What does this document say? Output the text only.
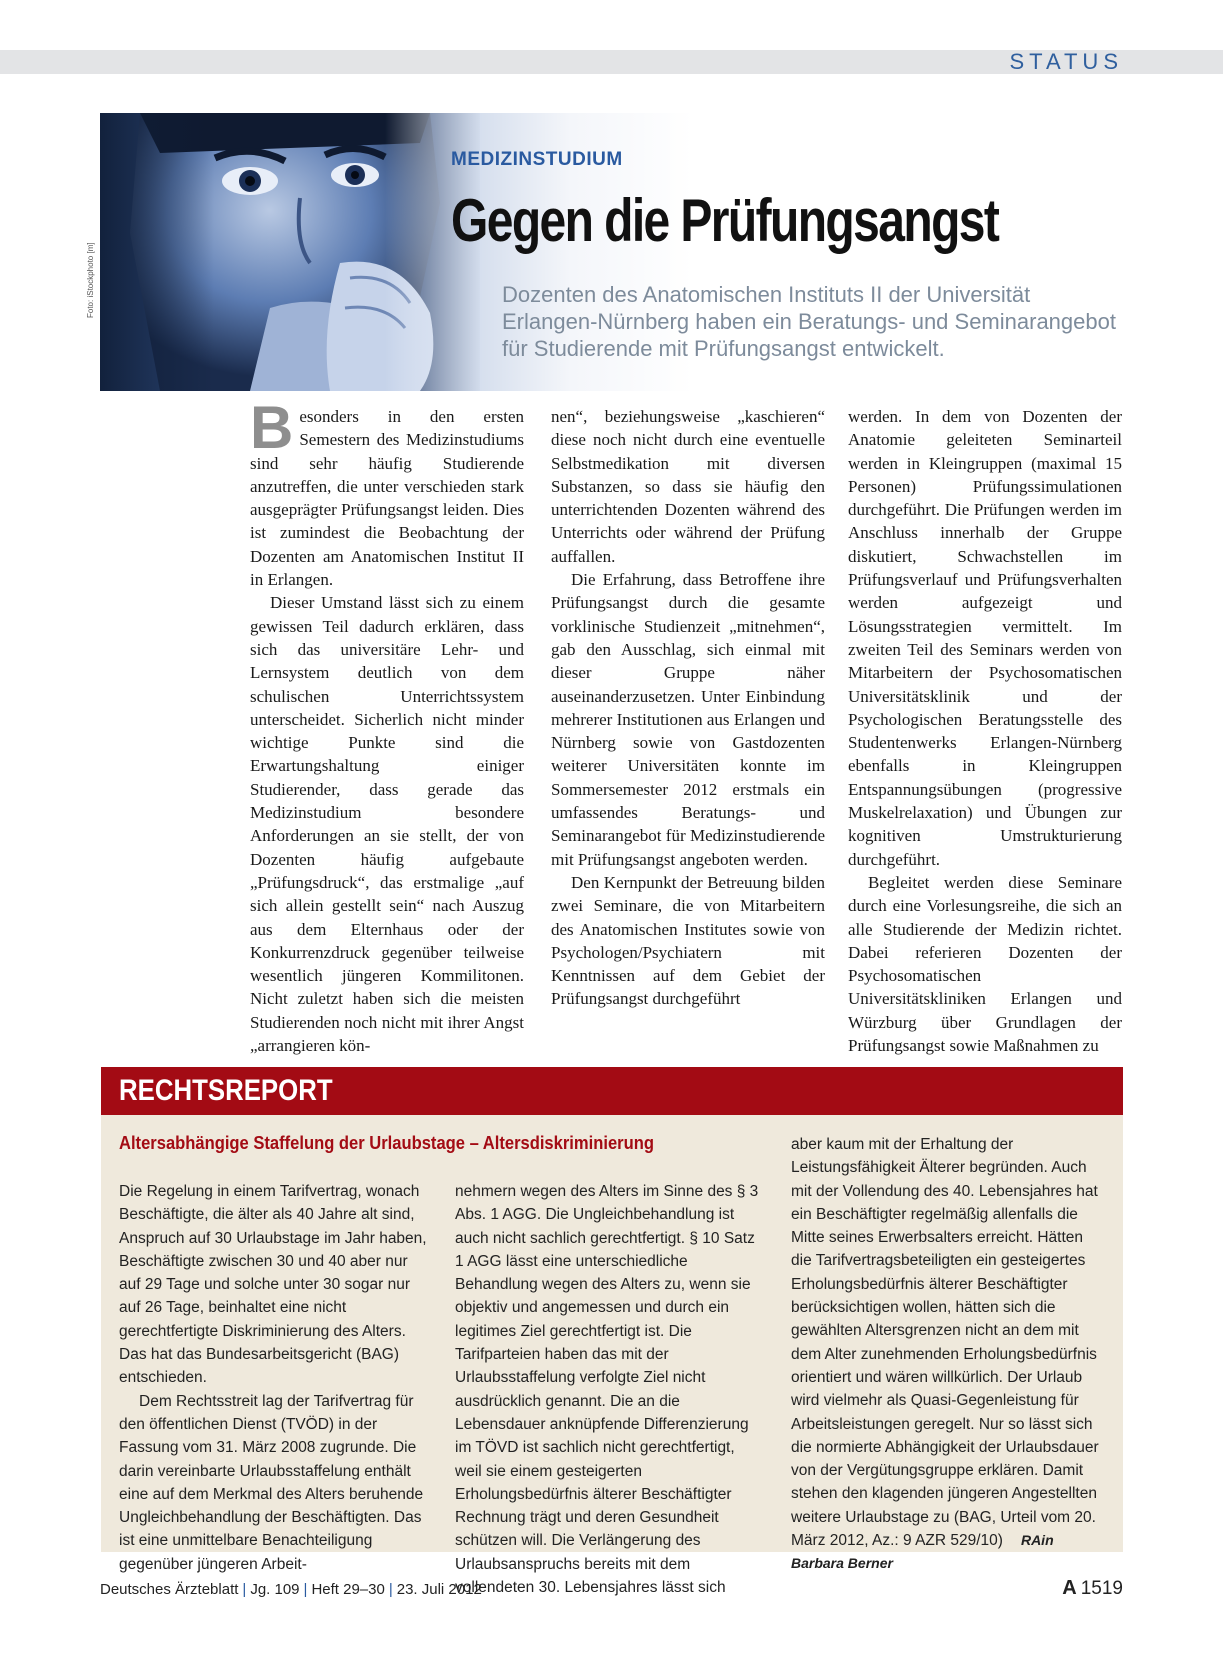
STATUS
Foto: iStockphoto [m]
MEDIZINSTUDIUM
Gegen die Prüfungsangst

Dozenten des Anatomischen Instituts II der Universität Erlangen-Nürnberg haben ein Beratungs- und Seminarangebot für Studierende mit Prüfungsangst entwickelt.

Besonders in den ersten Semestern des Medizinstudiums sind sehr häufig Studierende anzutreffen, die unter verschieden stark ausgeprägter Prüfungsangst leiden. Dies ist zumindest die Beobachtung der Dozenten am Anatomischen Institut II in Erlangen.

Dieser Umstand lässt sich zu einem gewissen Teil dadurch erklären, dass sich das universitäre Lehr- und Lernsystem deutlich von dem schulischen Unterrichtssystem unterscheidet. Sicherlich nicht minder wichtige Punkte sind die Erwartungshaltung einiger Studierender, dass gerade das Medizinstudium besondere Anforderungen an sie stellt, der von Dozenten häufig aufgebaute „Prüfungsdruck“, das erstmalige „auf sich allein gestellt sein“ nach Auszug aus dem Elternhaus oder der Konkurrenzdruck gegenüber teilweise wesentlich jüngeren Kommilitonen. Nicht zuletzt haben sich die meisten Studierenden noch nicht mit ihrer Angst „arrangieren kön-

nen“, beziehungsweise „kaschieren“ diese noch nicht durch eine eventuelle Selbstmedikation mit diversen Substanzen, so dass sie häufig den unterrichtenden Dozenten während des Unterrichts oder während der Prüfung auffallen.

Die Erfahrung, dass Betroffene ihre Prüfungsangst durch die gesamte vorklinische Studienzeit „mitnehmen“, gab den Ausschlag, sich einmal mit dieser Gruppe näher auseinanderzusetzen. Unter Einbindung mehrerer Institutionen aus Erlangen und Nürnberg sowie von Gastdozenten weiterer Universitäten konnte im Sommersemester 2012 erstmals ein umfassendes Beratungs- und Seminarangebot für Medizinstudierende mit Prüfungsangst angeboten werden.

Den Kernpunkt der Betreuung bilden zwei Seminare, die von Mitarbeitern des Anatomischen Institutes sowie von Psychologen/Psychiatern mit Kenntnissen auf dem Gebiet der Prüfungsangst durchgeführt

werden. In dem von Dozenten der Anatomie geleiteten Seminarteil werden in Kleingruppen (maximal 15 Personen) Prüfungssimulationen durchgeführt. Die Prüfungen werden im Anschluss innerhalb der Gruppe diskutiert, Schwachstellen im Prüfungsverlauf und Prüfungsverhalten werden aufgezeigt und Lösungsstrategien vermittelt. Im zweiten Teil des Seminars werden von Mitarbeitern der Psychosomatischen Universitätsklinik und der Psychologischen Beratungsstelle des Studentenwerks Erlangen-Nürnberg ebenfalls in Kleingruppen Entspannungsübungen (progressive Muskelrelaxation) und Übungen zur kognitiven Umstrukturierung durchgeführt.

Begleitet werden diese Seminare durch eine Vorlesungsreihe, die sich an alle Studierende der Medizin richtet. Dabei referieren Dozenten der Psychosomatischen Universitätskliniken Erlangen und Würzburg über Grundlagen der Prüfungsangst sowie Maßnahmen zu

RECHTSREPORT
Altersabhängige Staffelung der Urlaubstage – Altersdiskriminierung

Die Regelung in einem Tarifvertrag, wonach Beschäftigte, die älter als 40 Jahre alt sind, Anspruch auf 30 Urlaubstage im Jahr haben, Beschäftigte zwischen 30 und 40 aber nur auf 29 Tage und solche unter 30 sogar nur auf 26 Tage, beinhaltet eine nicht gerechtfertigte Diskriminierung des Alters. Das hat das Bundesarbeitsgericht (BAG) entschieden.

Dem Rechtsstreit lag der Tarifvertrag für den öffentlichen Dienst (TVÖD) in der Fassung vom 31. März 2008 zugrunde. Die darin vereinbarte Urlaubsstaffelung enthält eine auf dem Merkmal des Alters beruhende Ungleichbehandlung der Beschäftigten. Das ist eine unmittelbare Benachteiligung gegenüber jüngeren Arbeit-

nehmern wegen des Alters im Sinne des § 3 Abs. 1 AGG. Die Ungleichbehandlung ist auch nicht sachlich gerechtfertigt. § 10 Satz 1 AGG lässt eine unterschiedliche Behandlung wegen des Alters zu, wenn sie objektiv und angemessen und durch ein legitimes Ziel gerechtfertigt ist. Die Tarifparteien haben das mit der Urlaubsstaffelung verfolgte Ziel nicht ausdrücklich genannt. Die an die Lebensdauer anknüpfende Differenzierung im TÖVD ist sachlich nicht gerechtfertigt, weil sie einem gesteigerten Erholungsbedürfnis älterer Beschäftigter Rechnung trägt und deren Gesundheit schützen will. Die Verlängerung des Urlaubsanspruchs bereits mit dem vollendeten 30. Lebensjahres lässt sich

aber kaum mit der Erhaltung der Leistungsfähigkeit Älterer begründen. Auch mit der Vollendung des 40. Lebensjahres hat ein Beschäftigter regelmäßig allenfalls die Mitte seines Erwerbsalters erreicht. Hätten die Tarifvertragsbeteiligten ein gesteigertes Erholungsbedürfnis älterer Beschäftigter berücksichtigen wollen, hätten sich die gewählten Altersgrenzen nicht an dem mit dem Alter zunehmenden Erholungsbedürfnis orientiert und wären willkürlich. Der Urlaub wird vielmehr als Quasi-Gegenleistung für Arbeitsleistungen geregelt. Nur so lässt sich die normierte Abhängigkeit der Urlaubsdauer von der Vergütungsgruppe erklären. Damit stehen den klagenden jüngeren Angestellten weitere Urlaubstage zu (BAG, Urteil vom 20. März 2012, Az.: 9 AZR 529/10) RAin Barbara Berner

Deutsches Ärzteblatt | Jg. 109 | Heft 29–30 | 23. Juli 2012	A 1519
